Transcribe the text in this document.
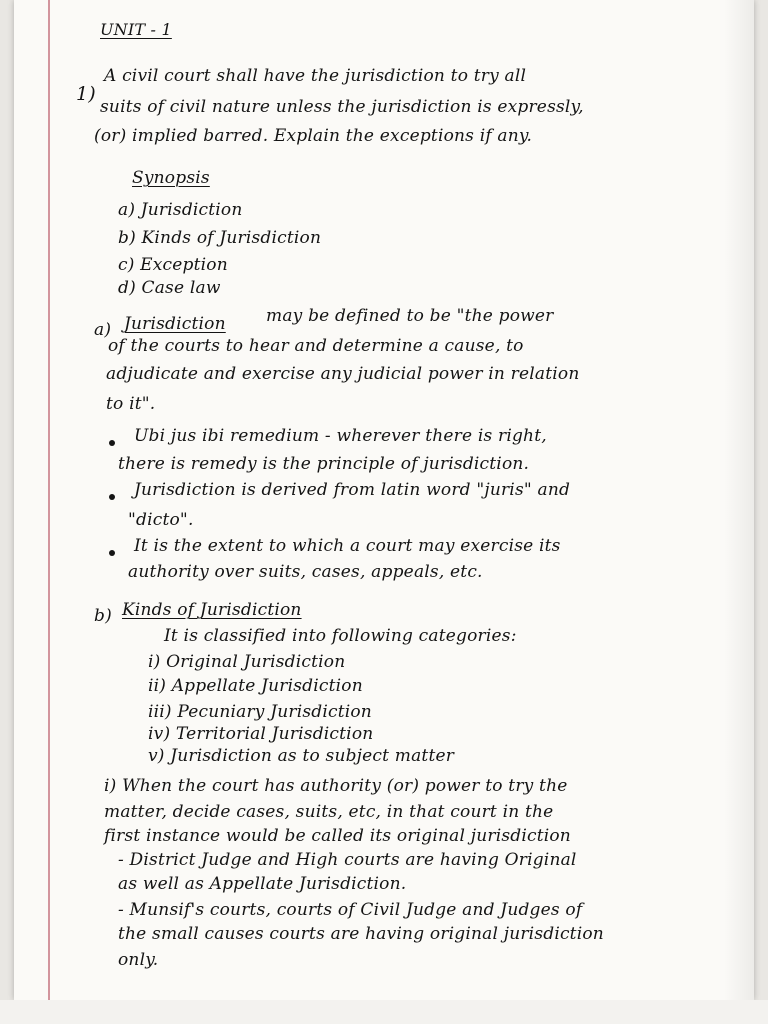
UNIT - 1
1)
A civil court shall have the jurisdiction to try all
suits of civil nature unless the jurisdiction is expressly,
(or) implied barred. Explain the exceptions if any.
Synopsis
a) Jurisdiction
b) Kinds of Jurisdiction
c) Exception
d) Case law
a) Jurisdiction may be defined to be "the power
of the courts to hear and determine a cause, to
adjudicate and exercise any judicial power in relation
to it".
Ubi jus ibi remedium - wherever there is right,
there is remedy is the principle of jurisdiction.
Jurisdiction is derived from latin word "juris" and
"dicto".
It is the extent to which a court may exercise its
authority over suits, cases, appeals, etc.
b) Kinds of Jurisdiction
It is classified into following categories:
i) Original Jurisdiction
ii) Appellate Jurisdiction
iii) Pecuniary Jurisdiction
iv) Territorial Jurisdiction
v) Jurisdiction as to subject matter
i) When the court has authority (or) power to try the
matter, decide cases, suits, etc, in that court in the
first instance would be called its original jurisdiction
- District Judge and High courts are having Original
as well as Appellate Jurisdiction.
- Munsif's courts, courts of Civil Judge and Judges of
the small causes courts are having original jurisdiction
only.
